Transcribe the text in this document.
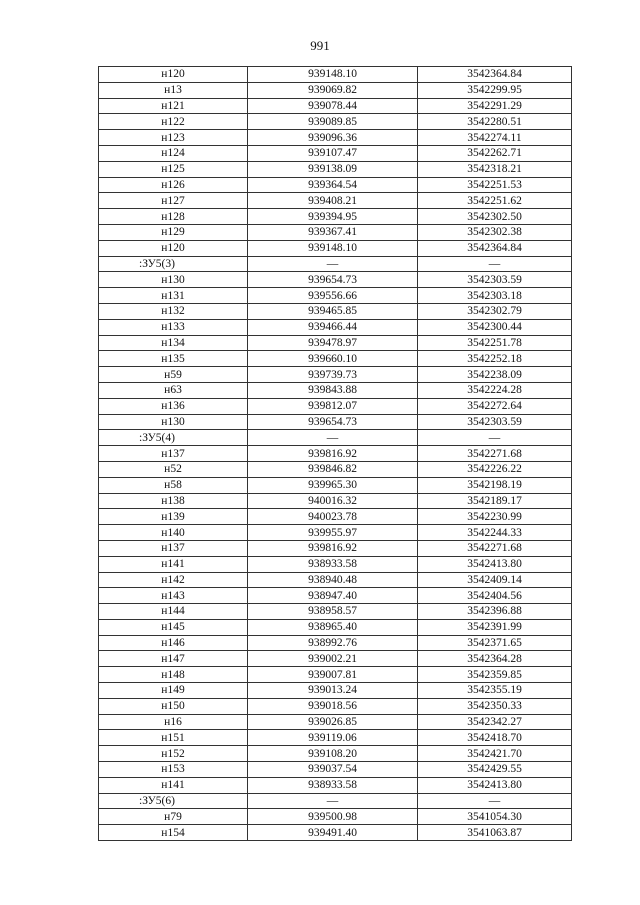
991
н120	939148.10	3542364.84
н13	939069.82	3542299.95
н121	939078.44	3542291.29
н122	939089.85	3542280.51
н123	939096.36	3542274.11
н124	939107.47	3542262.71
н125	939138.09	3542318.21
н126	939364.54	3542251.53
н127	939408.21	3542251.62
н128	939394.95	3542302.50
н129	939367.41	3542302.38
н120	939148.10	3542364.84
:ЗУ5(3)	—	—
н130	939654.73	3542303.59
н131	939556.66	3542303.18
н132	939465.85	3542302.79
н133	939466.44	3542300.44
н134	939478.97	3542251.78
н135	939660.10	3542252.18
н59	939739.73	3542238.09
н63	939843.88	3542224.28
н136	939812.07	3542272.64
н130	939654.73	3542303.59
:ЗУ5(4)	—	—
н137	939816.92	3542271.68
н52	939846.82	3542226.22
н58	939965.30	3542198.19
н138	940016.32	3542189.17
н139	940023.78	3542230.99
н140	939955.97	3542244.33
н137	939816.92	3542271.68
н141	938933.58	3542413.80
н142	938940.48	3542409.14
н143	938947.40	3542404.56
н144	938958.57	3542396.88
н145	938965.40	3542391.99
н146	938992.76	3542371.65
н147	939002.21	3542364.28
н148	939007.81	3542359.85
н149	939013.24	3542355.19
н150	939018.56	3542350.33
н16	939026.85	3542342.27
н151	939119.06	3542418.70
н152	939108.20	3542421.70
н153	939037.54	3542429.55
н141	938933.58	3542413.80
:ЗУ5(6)	—	—
н79	939500.98	3541054.30
н154	939491.40	3541063.87
